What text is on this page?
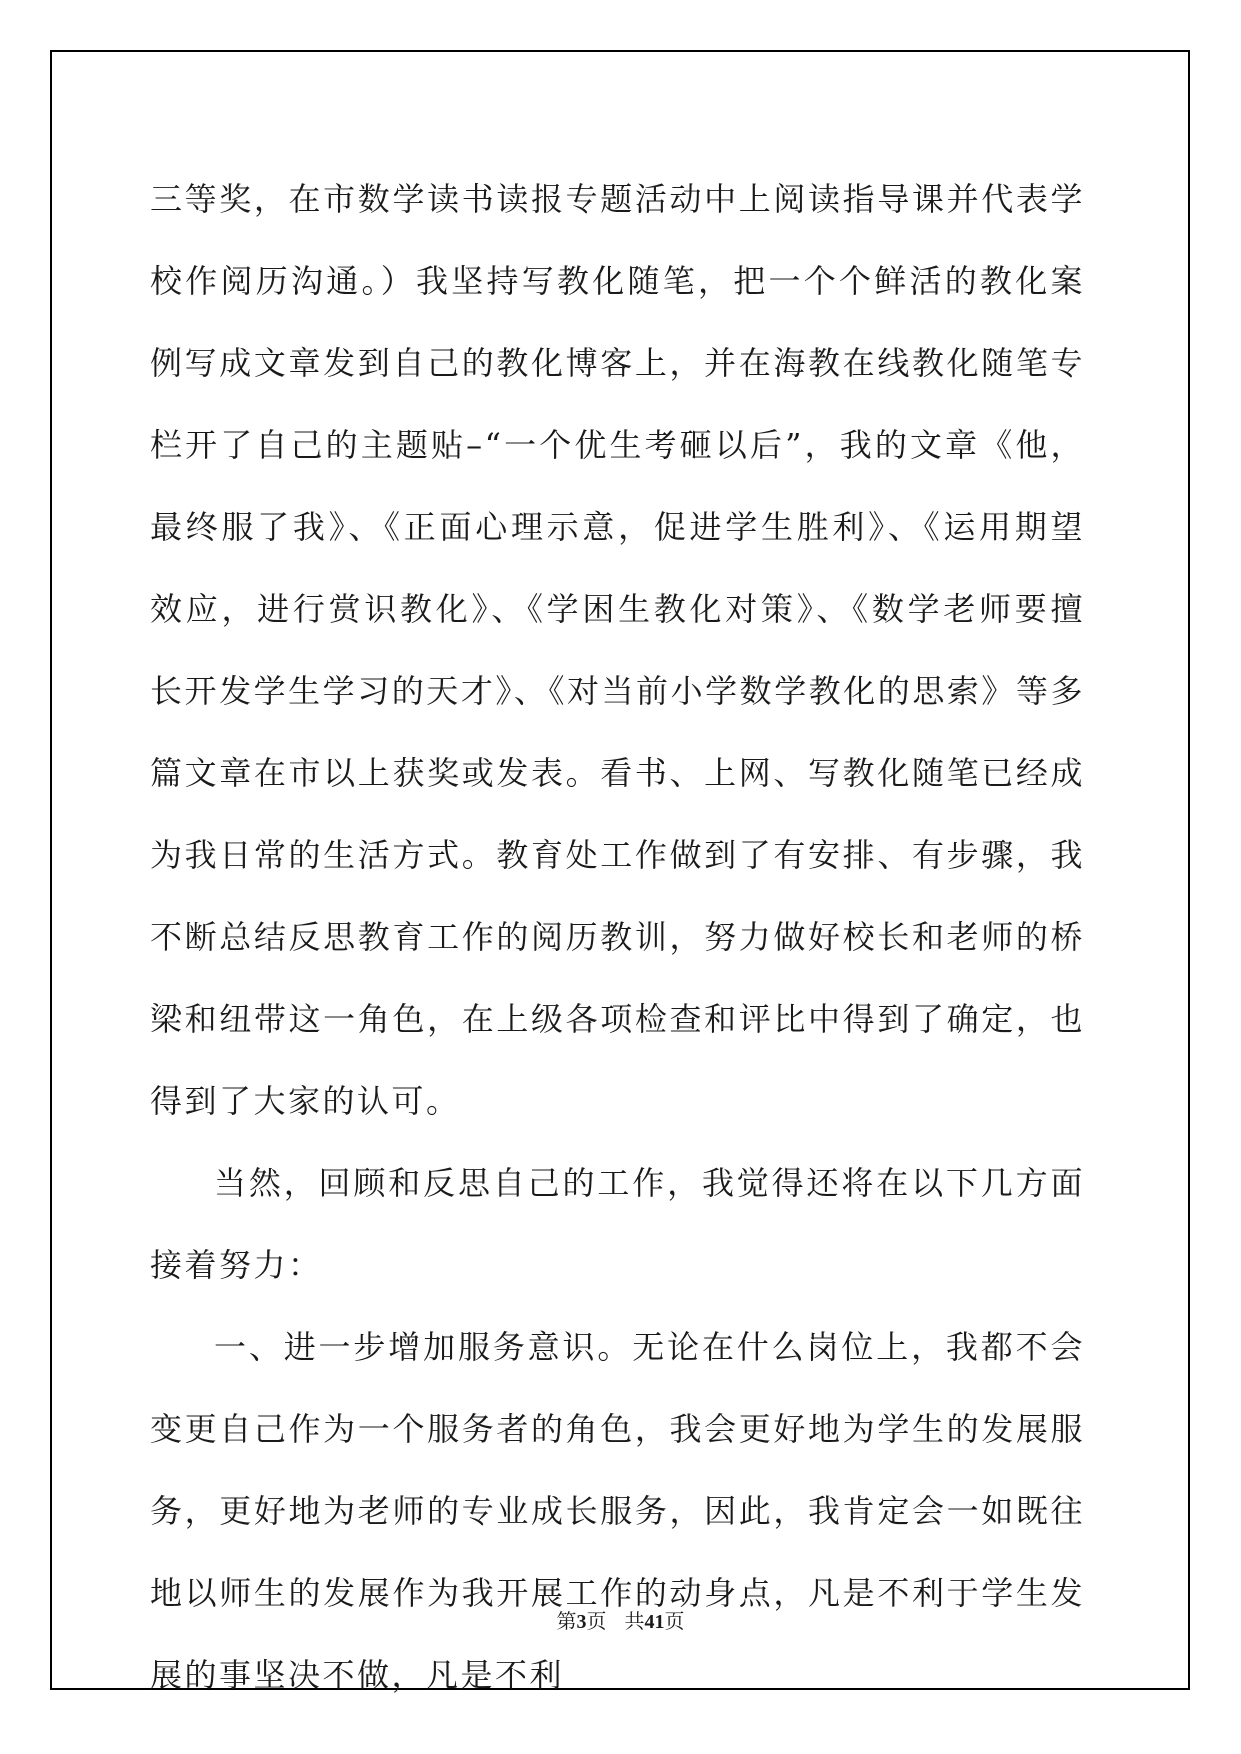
三等奖，在市数学读书读报专题活动中上阅读指导课并代表学校作阅历沟通。）我坚持写教化随笔，把一个个鲜活的教化案例写成文章发到自己的教化博客上，并在海教在线教化随笔专栏开了自己的主题贴–“一个优生考砸以后”，我的文章《他，最终服了我》、《正面心理示意，促进学生胜利》、《运用期望效应，进行赏识教化》、《学困生教化对策》、《数学老师要擅长开发学生学习的天才》、《对当前小学数学教化的思索》等多篇文章在市以上获奖或发表。看书、上网、写教化随笔已经成为我日常的生活方式。教育处工作做到了有安排、有步骤，我不断总结反思教育工作的阅历教训，努力做好校长和老师的桥梁和纽带这一角色，在上级各项检查和评比中得到了确定，也得到了大家的认可。

当然，回顾和反思自己的工作，我觉得还将在以下几方面接着努力：

一、进一步增加服务意识。无论在什么岗位上，我都不会变更自己作为一个服务者的角色，我会更好地为学生的发展服务，更好地为老师的专业成长服务，因此，我肯定会一如既往地以师生的发展作为我开展工作的动身点，凡是不利于学生发展的事坚决不做，凡是不利

第3页 共41页
